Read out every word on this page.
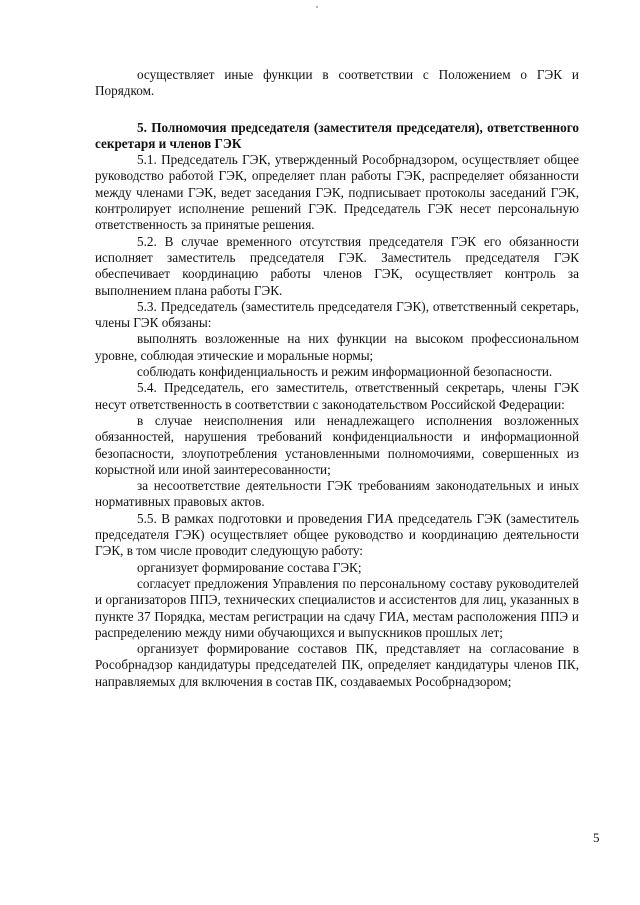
осуществляет иные функции в соответствии с Положением о ГЭК и Порядком.

5. Полномочия председателя (заместителя председателя), ответственного секретаря и членов ГЭК

5.1. Председатель ГЭК, утвержденный Рособрнадзором, осуществляет общее руководство работой ГЭК, определяет план работы ГЭК, распределяет обязанности между членами ГЭК, ведет заседания ГЭК, подписывает протоколы заседаний ГЭК, контролирует исполнение решений ГЭК. Председатель ГЭК несет персональную ответственность за принятые решения.

5.2. В случае временного отсутствия председателя ГЭК его обязанности исполняет заместитель председателя ГЭК. Заместитель председателя ГЭК обеспечивает координацию работы членов ГЭК, осуществляет контроль за выполнением плана работы ГЭК.

5.3. Председатель (заместитель председателя ГЭК), ответственный секретарь, члены ГЭК обязаны:

выполнять возложенные на них функции на высоком профессиональном уровне, соблюдая этические и моральные нормы;

соблюдать конфиденциальность и режим информационной безопасности.

5.4. Председатель, его заместитель, ответственный секретарь, члены ГЭК несут ответственность в соответствии с законодательством Российской Федерации:

в случае неисполнения или ненадлежащего исполнения возложенных обязанностей, нарушения требований конфиденциальности и информационной безопасности, злоупотребления установленными полномочиями, совершенных из корыстной или иной заинтересованности;

за несоответствие деятельности ГЭК требованиям законодательных и иных нормативных правовых актов.

5.5. В рамках подготовки и проведения ГИА председатель ГЭК (заместитель председателя ГЭК) осуществляет общее руководство и координацию деятельности ГЭК, в том числе проводит следующую работу:

организует формирование состава ГЭК;

согласует предложения Управления по персональному составу руководителей и организаторов ППЭ, технических специалистов и ассистентов для лиц, указанных в пункте 37 Порядка, местам регистрации на сдачу ГИА, местам расположения ППЭ и распределению между ними обучающихся и выпускников прошлых лет;

организует формирование составов ПК, представляет на согласование в Рособрнадзор кандидатуры председателей ПК, определяет кандидатуры членов ПК, направляемых для включения в состав ПК, создаваемых Рособрнадзором;

5
